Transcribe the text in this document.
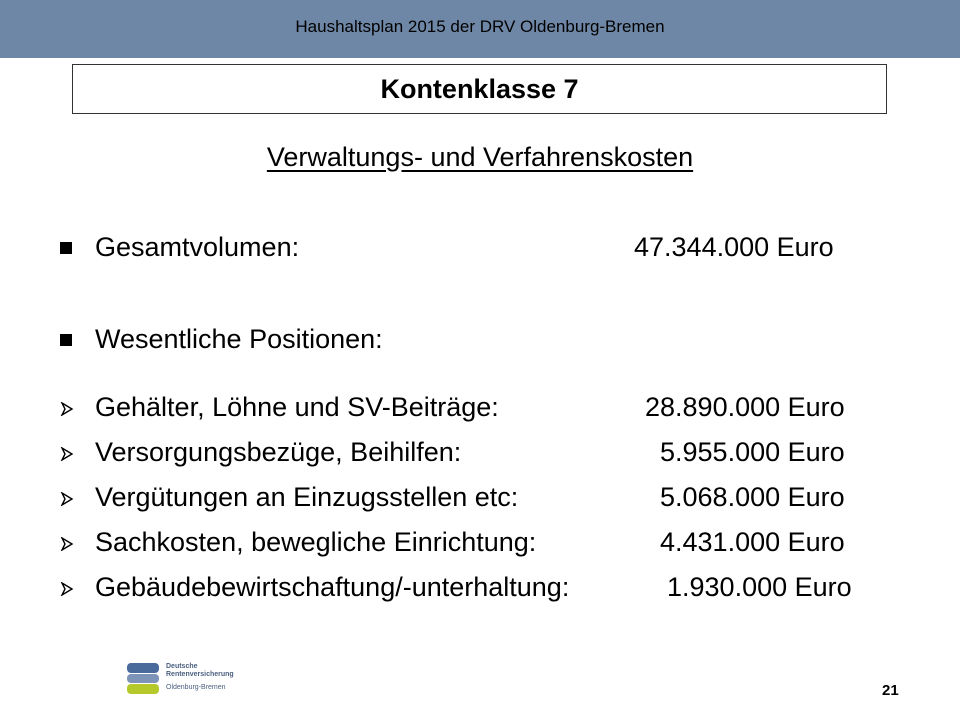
Haushaltsplan 2015 der DRV Oldenburg-Bremen
Kontenklasse 7
Verwaltungs- und Verfahrenskosten
Gesamtvolumen:	47.344.000 Euro
Wesentliche Positionen:
Gehälter, Löhne und SV-Beiträge:	28.890.000 Euro
Versorgungsbezüge, Beihilfen:	5.955.000 Euro
Vergütungen an Einzugsstellen etc:	5.068.000 Euro
Sachkosten, bewegliche Einrichtung:	4.431.000 Euro
Gebäudebewirtschaftung/-unterhaltung:	1.930.000 Euro
Deutsche
Rentenversicherung
Oldenburg-Bremen	21
